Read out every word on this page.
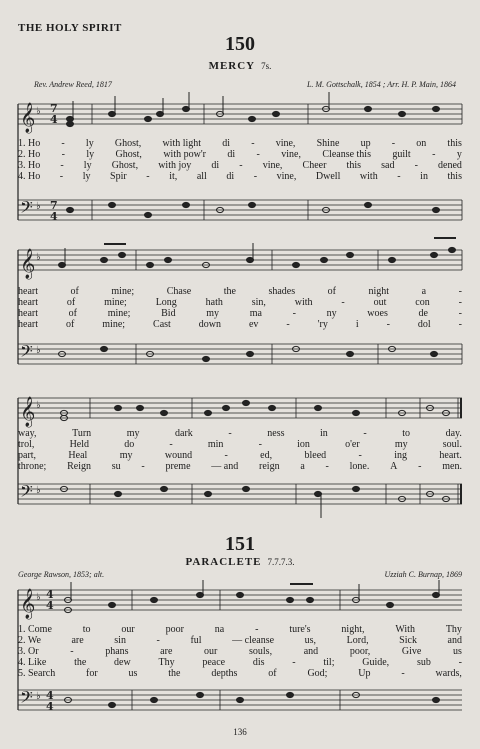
THE HOLY SPIRIT
150
MERCY 7s.
Rev. Andrew Reed, 1817	L. M. Gottschalk, 1854 ; Arr. H. P. Main, 1864
𝄞
𝄢
♭
♭
7
4
7
4
1. Ho - ly Ghost, with light di - vine, Shine up - on this
2. Ho - ly Ghost, with pow'r di - vine, Cleanse this guilt - y
3. Ho - ly Ghost, with joy di - vine, Cheer this sad - dened
4. Ho - ly Spir - it, all di - vine, Dwell with - in this
𝄞
𝄢
♭
♭
heart	of	mine;	Chase	the	shades	of	night	a	-
heart	of	mine;	Long	hath	sin,	with	-	out	con	-
heart	of	mine;	Bid	my	ma	-	ny	woes	de	-
heart	of	mine;	Cast	down	ev	-	'ry	i	-	dol	-
𝄞
𝄢
♭
♭
way,	Turn	my	dark	-	ness	in	-	to	day.
trol,	Held	do	-	min	-	ion	o'er	my	soul.
part,	Heal	my	wound	-	ed,	bleed	-	ing	heart.
throne; Reign su - preme — and reign a - lone. A - men.
151
PARACLETE 7.7.7.3.
George Rawson, 1853; alt.	Uzziah C. Burnap, 1869
𝄞
𝄢
♭
♭
4
4
4
4
1. Come	to	our	poor	na	-	ture's	night,	With	Thy
2. We	are	sin	-	ful	— cleanse	us,	Lord,	Sick	and
3. Or	-	phans	are	our	souls,	and	poor,	Give	us
4. Like	the	dew	Thy	peace	dis	-	til;	Guide,	sub	-
5. Search	for	us	the	depths	of	God;	Up	-	wards,
136
